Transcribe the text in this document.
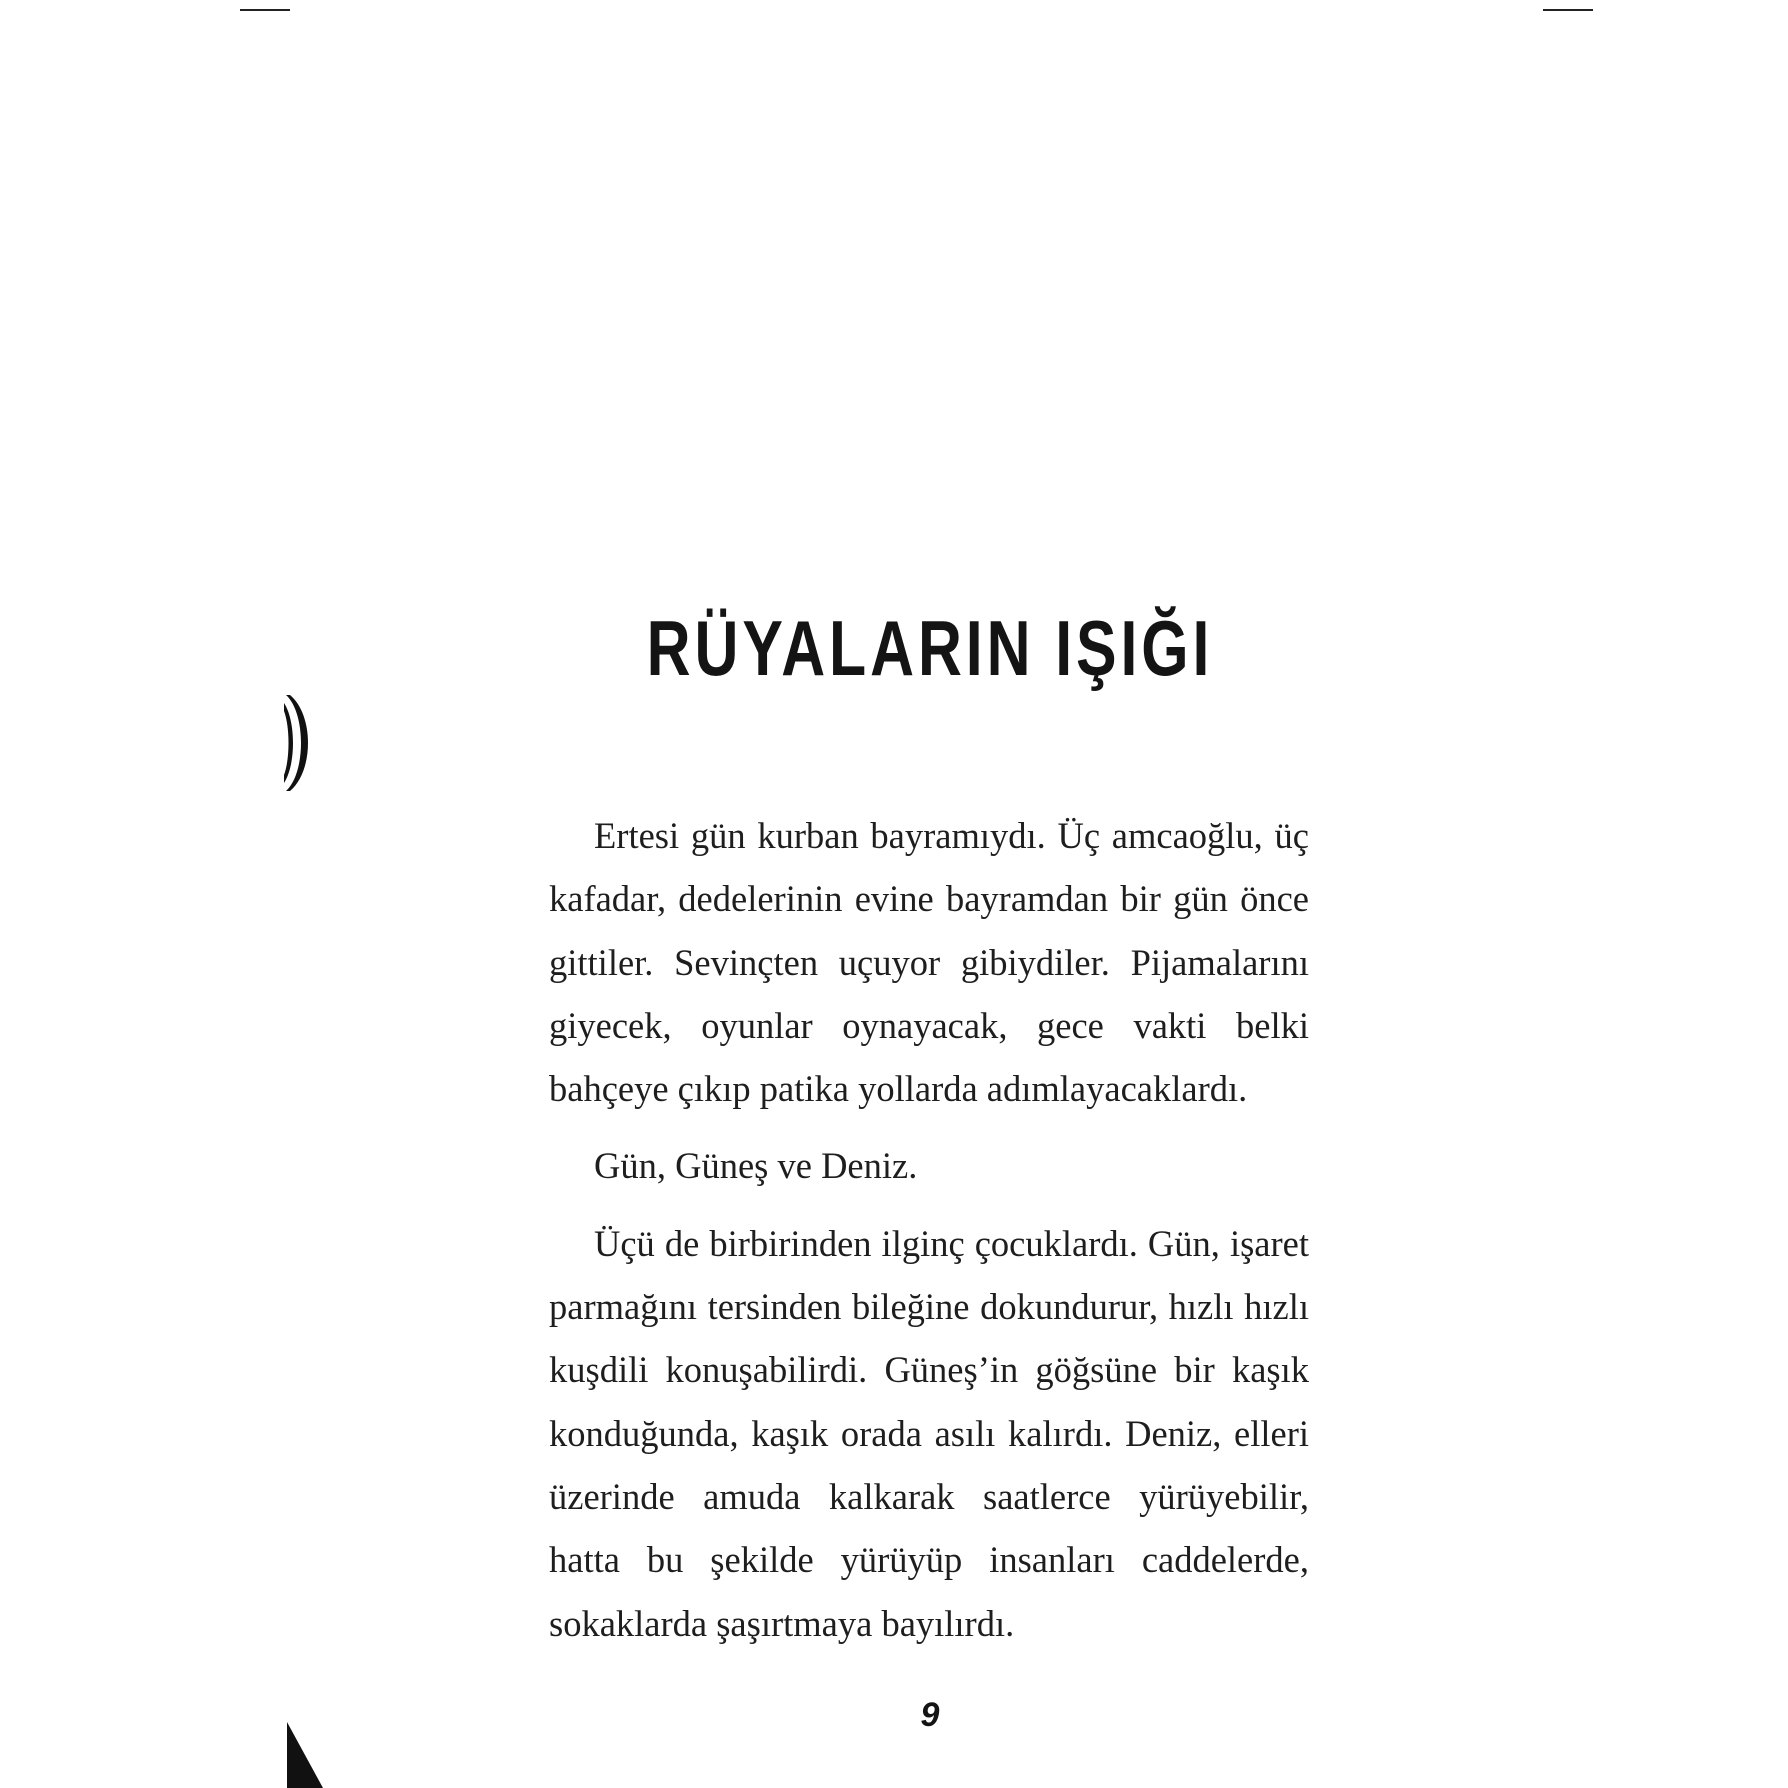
RÜYALARIN IŞIĞI

Ertesi gün kurban bayramıydı. Üç amcaoğlu, üç kafadar, dedelerinin evine bayramdan bir gün önce gittiler. Sevinçten uçuyor gibiydiler. Pijamalarını giyecek, oyunlar oynayacak, gece vakti belki bahçeye çıkıp patika yollarda adımlayacaklardı.

Gün, Güneş ve Deniz.

Üçü de birbirinden ilginç çocuklardı. Gün, işaret parmağını tersinden bileğine dokundurur, hızlı hızlı kuşdili konuşabilirdi. Güneş’in göğsüne bir kaşık konduğunda, kaşık orada asılı kalırdı. Deniz, elleri üzerinde amuda kalkarak saatlerce yürüyebilir, hatta bu şekilde yürüyüp insanları caddelerde, sokaklarda şaşırtmaya bayılırdı.

9
